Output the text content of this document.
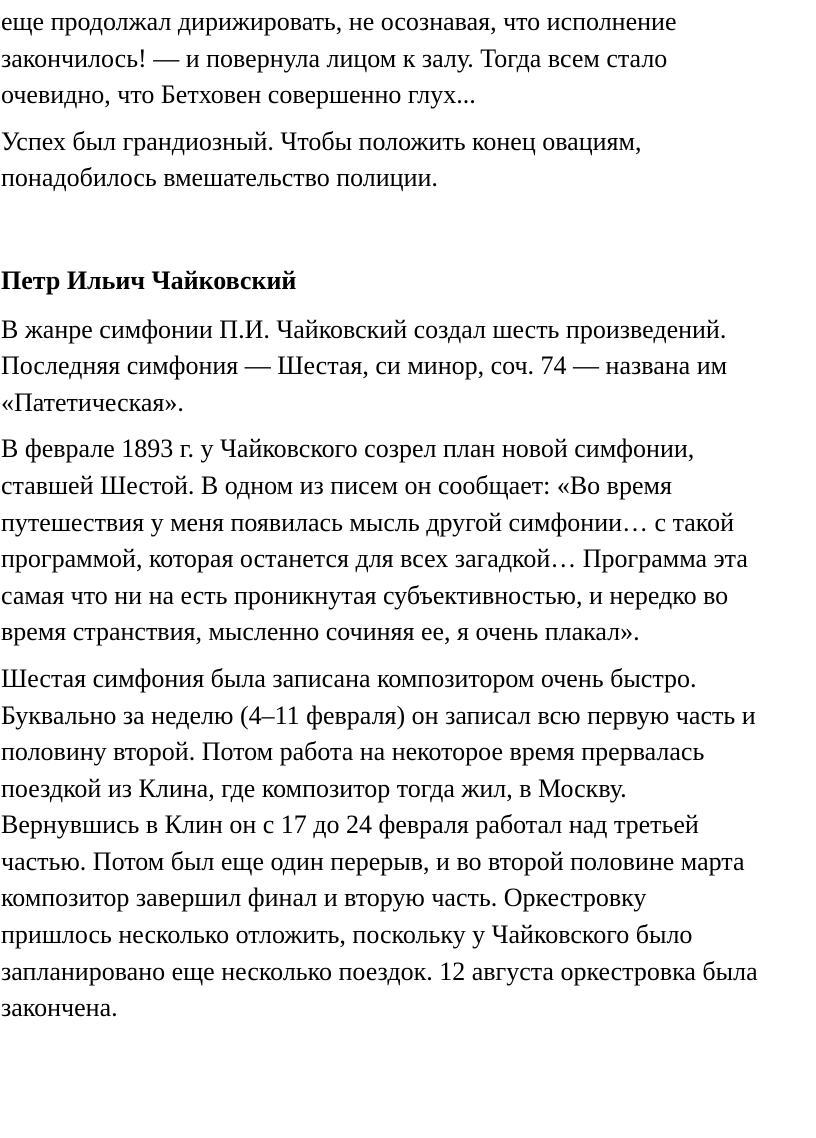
еще продолжал дирижировать, не осознавая, что исполнение
закончилось! — и повернула лицом к залу. Тогда всем стало
очевидно, что Бетховен совершенно глух...
Успех был грандиозный. Чтобы положить конец овациям,
понадобилось вмешательство полиции.
Петр Ильич Чайковский
В жанре симфонии П.И. Чайковский создал шесть произведений.
Последняя симфония — Шестая, си минор, соч. 74 — названа им
«Патетическая».
В феврале 1893 г. у Чайковского созрел план новой симфонии,
ставшей Шестой. В одном из писем он сообщает: «Во время
путешествия у меня появилась мысль другой симфонии… с такой
программой, которая останется для всех загадкой… Программа эта
самая что ни на есть проникнутая субъективностью, и нередко во
время странствия, мысленно сочиняя ее, я очень плакал».
Шестая симфония была записана композитором очень быстро.
Буквально за неделю (4–11 февраля) он записал всю первую часть и
половину второй. Потом работа на некоторое время прервалась
поездкой из Клина, где композитор тогда жил, в Москву.
Вернувшись в Клин он с 17 до 24 февраля работал над третьей
частью. Потом был еще один перерыв, и во второй половине марта
композитор завершил финал и вторую часть. Оркестровку
пришлось несколько отложить, поскольку у Чайковского было
запланировано еще несколько поездок. 12 августа оркестровка была
закончена.
